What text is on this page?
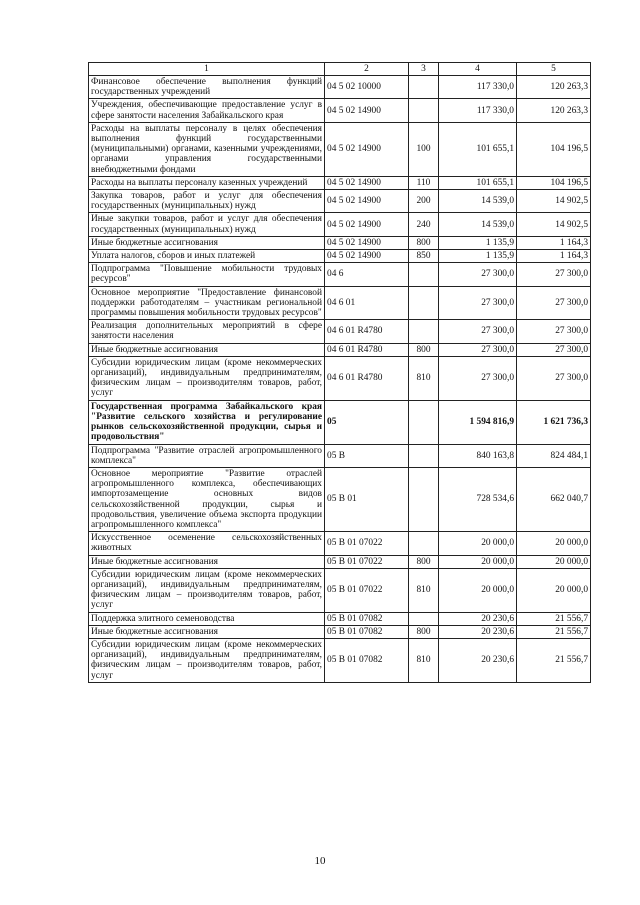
1	2	3	4	5
Финансовое обеспечение выполнения функций государственных учреждений	04 5 02 10000		117 330,0	120 263,3
Учреждения, обеспечивающие предоставление услуг в сфере занятости населения Забайкальского края	04 5 02 14900		117 330,0	120 263,3
Расходы на выплаты персоналу в целях обеспечения выполнения функций государственными (муниципальными) органами, казенными учреждениями, органами управления государственными внебюджетными фондами	04 5 02 14900	100	101 655,1	104 196,5
Расходы на выплаты персоналу казенных учреждений	04 5 02 14900	110	101 655,1	104 196,5
Закупка товаров, работ и услуг для обеспечения государственных (муниципальных) нужд	04 5 02 14900	200	14 539,0	14 902,5
Иные закупки товаров, работ и услуг для обеспечения государственных (муниципальных) нужд	04 5 02 14900	240	14 539,0	14 902,5
Иные бюджетные ассигнования	04 5 02 14900	800	1 135,9	1 164,3
Уплата налогов, сборов и иных платежей	04 5 02 14900	850	1 135,9	1 164,3
Подпрограмма "Повышение мобильности трудовых ресурсов"	04 6		27 300,0	27 300,0
Основное мероприятие "Предоставление финансовой поддержки работодателям – участникам региональной программы повышения мобильности трудовых ресурсов"	04 6 01		27 300,0	27 300,0
Реализация дополнительных мероприятий в сфере занятости населения	04 6 01 R4780		27 300,0	27 300,0
Иные бюджетные ассигнования	04 6 01 R4780	800	27 300,0	27 300,0
Субсидии юридическим лицам (кроме некоммерческих организаций), индивидуальным предпринимателям, физическим лицам – производителям товаров, работ, услуг	04 6 01 R4780	810	27 300,0	27 300,0
Государственная программа Забайкальского края "Развитие сельского хозяйства и регулирование рынков сельскохозяйственной продукции, сырья и продовольствия"	05		1 594 816,9	1 621 736,3
Подпрограмма "Развитие отраслей агропромышленного комплекса"	05 В		840 163,8	824 484,1
Основное мероприятие "Развитие отраслей агропромышленного комплекса, обеспечивающих импортозамещение основных видов сельскохозяйственной продукции, сырья и продовольствия, увеличение объема экспорта продукции агропромышленного комплекса"	05 В 01		728 534,6	662 040,7
Искусственное осеменение сельскохозяйственных животных	05 В 01 07022		20 000,0	20 000,0
Иные бюджетные ассигнования	05 В 01 07022	800	20 000,0	20 000,0
Субсидии юридическим лицам (кроме некоммерческих организаций), индивидуальным предпринимателям, физическим лицам – производителям товаров, работ, услуг	05 В 01 07022	810	20 000,0	20 000,0
Поддержка элитного семеноводства	05 В 01 07082		20 230,6	21 556,7
Иные бюджетные ассигнования	05 В 01 07082	800	20 230,6	21 556,7
Субсидии юридическим лицам (кроме некоммерческих организаций), индивидуальным предпринимателям, физическим лицам – производителям товаров, работ, услуг	05 В 01 07082	810	20 230,6	21 556,7
10
